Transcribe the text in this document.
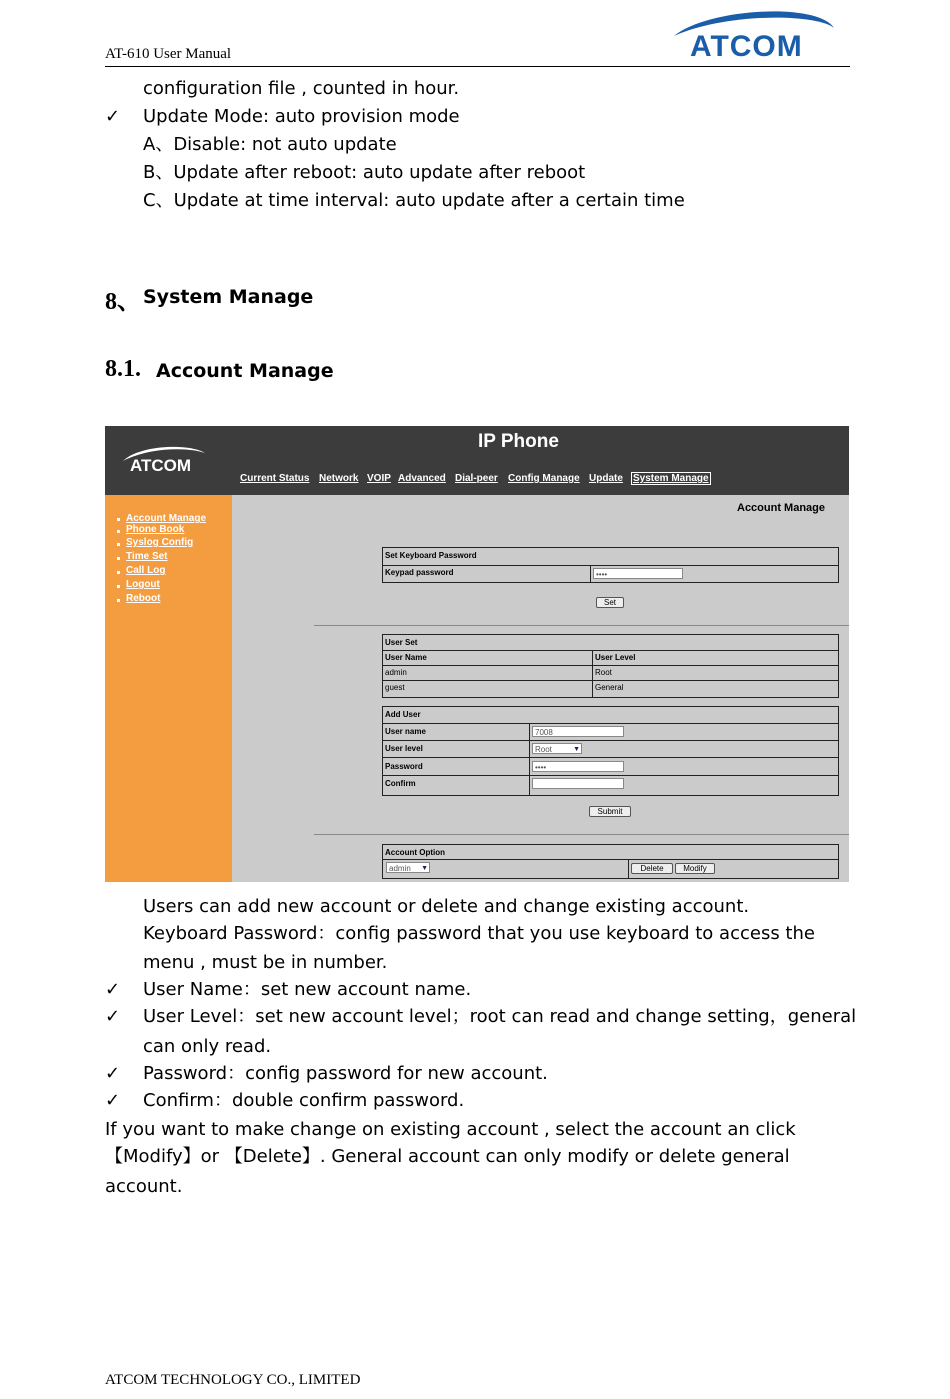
AT-610 User Manual	ATCOM
configuration file , counted in hour.
✓ Update Mode: auto provision mode
A、Disable: not auto update
B、Update after reboot: auto update after reboot
C、Update at time interval: auto update after a certain time
8、 System Manage
8.1. Account Manage
IP Phone
ATCOM
Current Status Network VOIP Advanced Dial-peer Config Manage Update System Manage
Account Manage
Phone Book
Syslog Config
Time Set
Call Log
Logout
Reboot
Account Manage
Set Keyboard Password
Keypad password	••••
Set
User Set
User Name	User Level
admin	Root
guest	General
Add User
User name	7008
User level	Root	▼
Password	••••
Confirm
Submit
Account Option
admin ▼	Delete	Modify
Users can add new account or delete and change existing account.
Keyboard Password：config password that you use keyboard to access the
menu , must be in number.
✓ User Name：set new account name.
✓ User Level：set new account level；root can read and change setting，general
can only read.
✓ Password：config password for new account.
✓ Confirm：double confirm password.
If you want to make change on existing account , select the account an click
【Modify】or 【Delete】. General account can only modify or delete general
account.
ATCOM TECHNOLOGY CO., LIMITED
